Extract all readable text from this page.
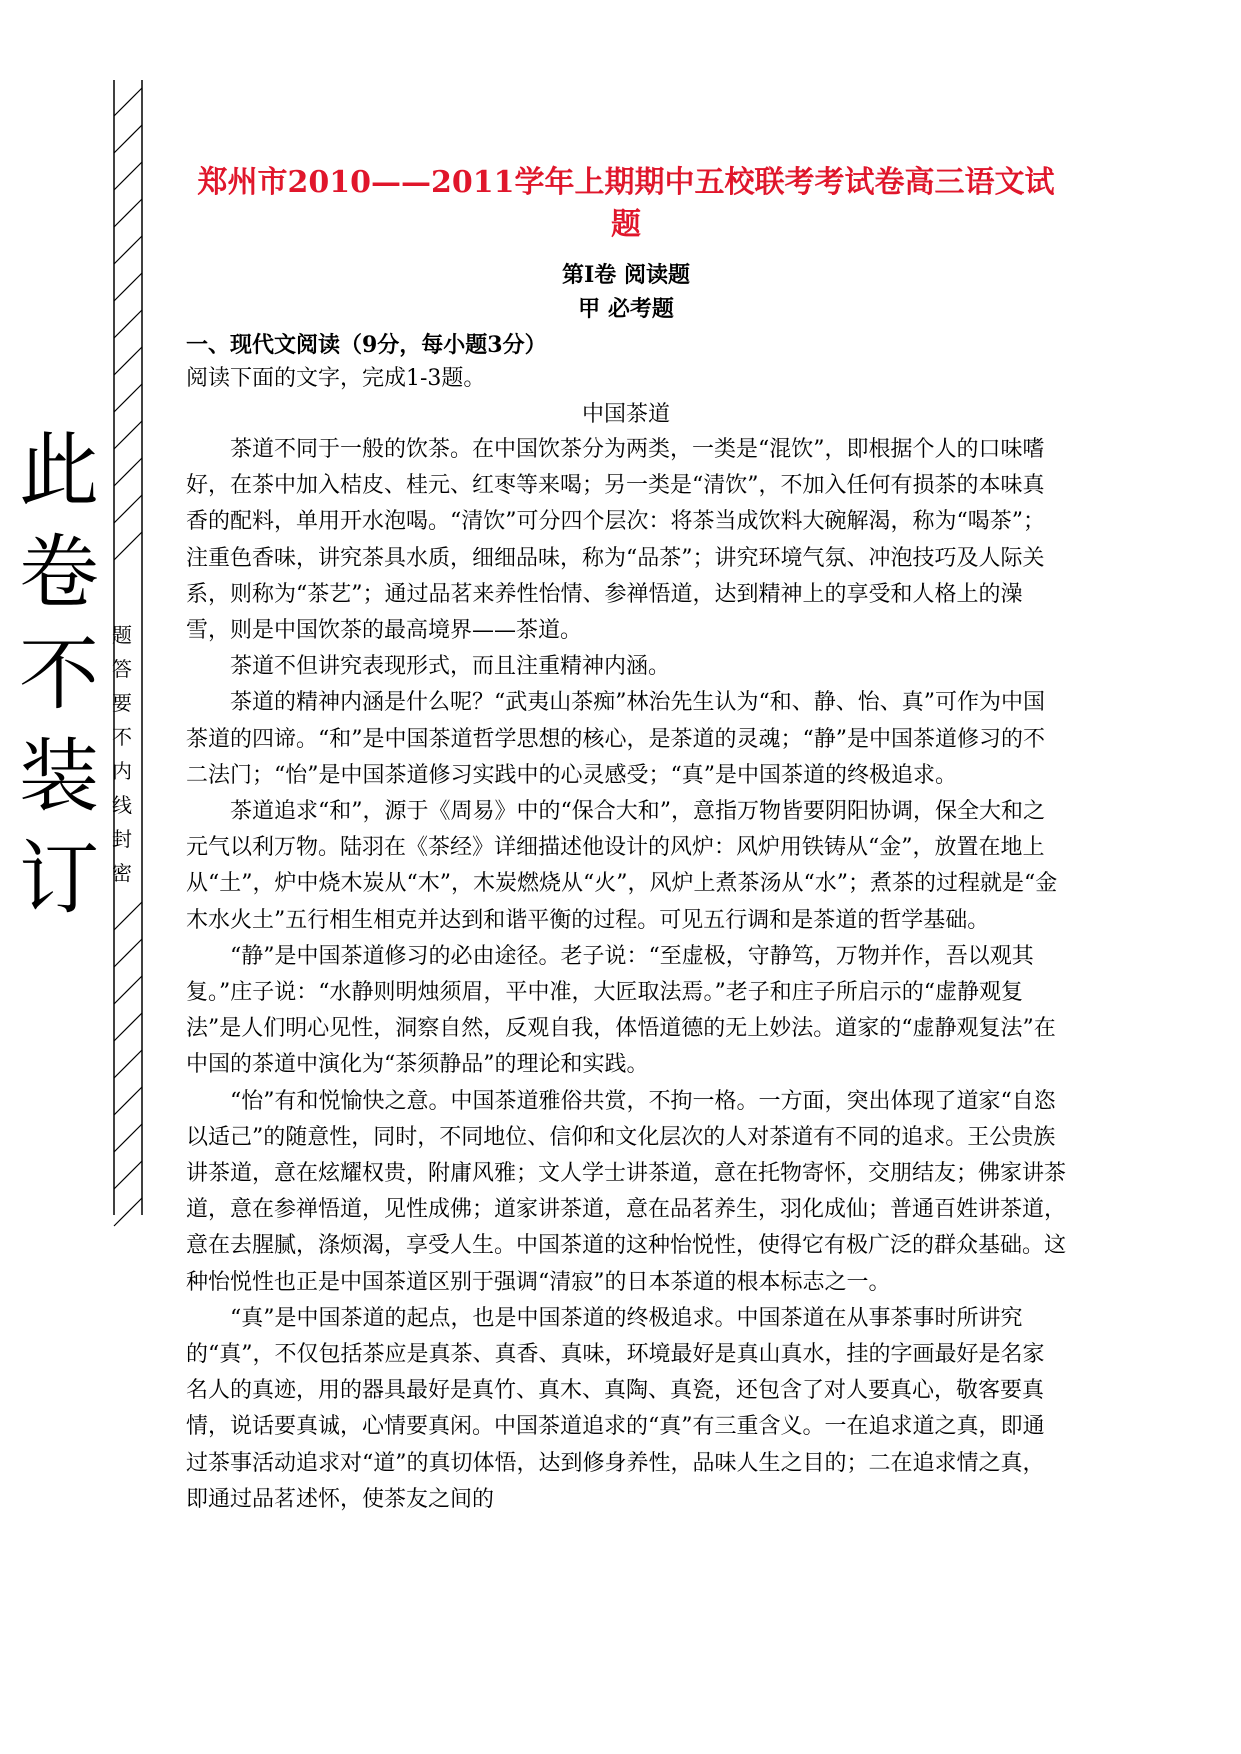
此
卷
不
装
订
题
答
要
不
内
线
封
密
郑州市2010——2011学年上期期中五校联考考试卷高三语文试题
第Ⅰ卷 阅读题
甲 必考题
一、现代文阅读（9分，每小题3分）
阅读下面的文字，完成1-3题。
中国茶道

茶道不同于一般的饮茶。在中国饮茶分为两类，一类是“混饮”，即根据个人的口味嗜好，在茶中加入桔皮、桂元、红枣等来喝；另一类是“清饮”，不加入任何有损茶的本味真香的配料，单用开水泡喝。“清饮”可分四个层次：将茶当成饮料大碗解渴，称为“喝茶”；注重色香味，讲究茶具水质，细细品味，称为“品茶”；讲究环境气氛、冲泡技巧及人际关系，则称为“茶艺”；通过品茗来养性怡情、参禅悟道，达到精神上的享受和人格上的澡雪，则是中国饮茶的最高境界——茶道。

茶道不但讲究表现形式，而且注重精神内涵。

茶道的精神内涵是什么呢？“武夷山茶痴”林治先生认为“和、静、怡、真”可作为中国茶道的四谛。“和”是中国茶道哲学思想的核心，是茶道的灵魂；“静”是中国茶道修习的不二法门；“怡”是中国茶道修习实践中的心灵感受；“真”是中国茶道的终极追求。

茶道追求“和”，源于《周易》中的“保合大和”，意指万物皆要阴阳协调，保全大和之元气以利万物。陆羽在《茶经》详细描述他设计的风炉：风炉用铁铸从“金”，放置在地上从“土”，炉中烧木炭从“木”，木炭燃烧从“火”，风炉上煮茶汤从“水”；煮茶的过程就是“金木水火土”五行相生相克并达到和谐平衡的过程。可见五行调和是茶道的哲学基础。

“静”是中国茶道修习的必由途径。老子说：“至虚极，守静笃，万物并作，吾以观其复。”庄子说：“水静则明烛须眉，平中准，大匠取法焉。”老子和庄子所启示的“虚静观复法”是人们明心见性，洞察自然，反观自我，体悟道德的无上妙法。道家的“虚静观复法”在中国的茶道中演化为“茶须静品”的理论和实践。

“怡”有和悦愉快之意。中国茶道雅俗共赏，不拘一格。一方面，突出体现了道家“自恣以适己”的随意性，同时，不同地位、信仰和文化层次的人对茶道有不同的追求。王公贵族讲茶道，意在炫耀权贵，附庸风雅；文人学士讲茶道，意在托物寄怀，交朋结友；佛家讲茶道，意在参禅悟道，见性成佛；道家讲茶道，意在品茗养生，羽化成仙；普通百姓讲茶道，意在去腥腻，涤烦渴，享受人生。中国茶道的这种怡悦性，使得它有极广泛的群众基础。这种怡悦性也正是中国茶道区别于强调“清寂”的日本茶道的根本标志之一。

“真”是中国茶道的起点，也是中国茶道的终极追求。中国茶道在从事茶事时所讲究的“真”，不仅包括茶应是真茶、真香、真味，环境最好是真山真水，挂的字画最好是名家名人的真迹，用的器具最好是真竹、真木、真陶、真瓷，还包含了对人要真心，敬客要真情，说话要真诚，心情要真闲。中国茶道追求的“真”有三重含义。一在追求道之真，即通过茶事活动追求对“道”的真切体悟，达到修身养性，品味人生之目的；二在追求情之真，即通过品茗述怀，使茶友之间的
